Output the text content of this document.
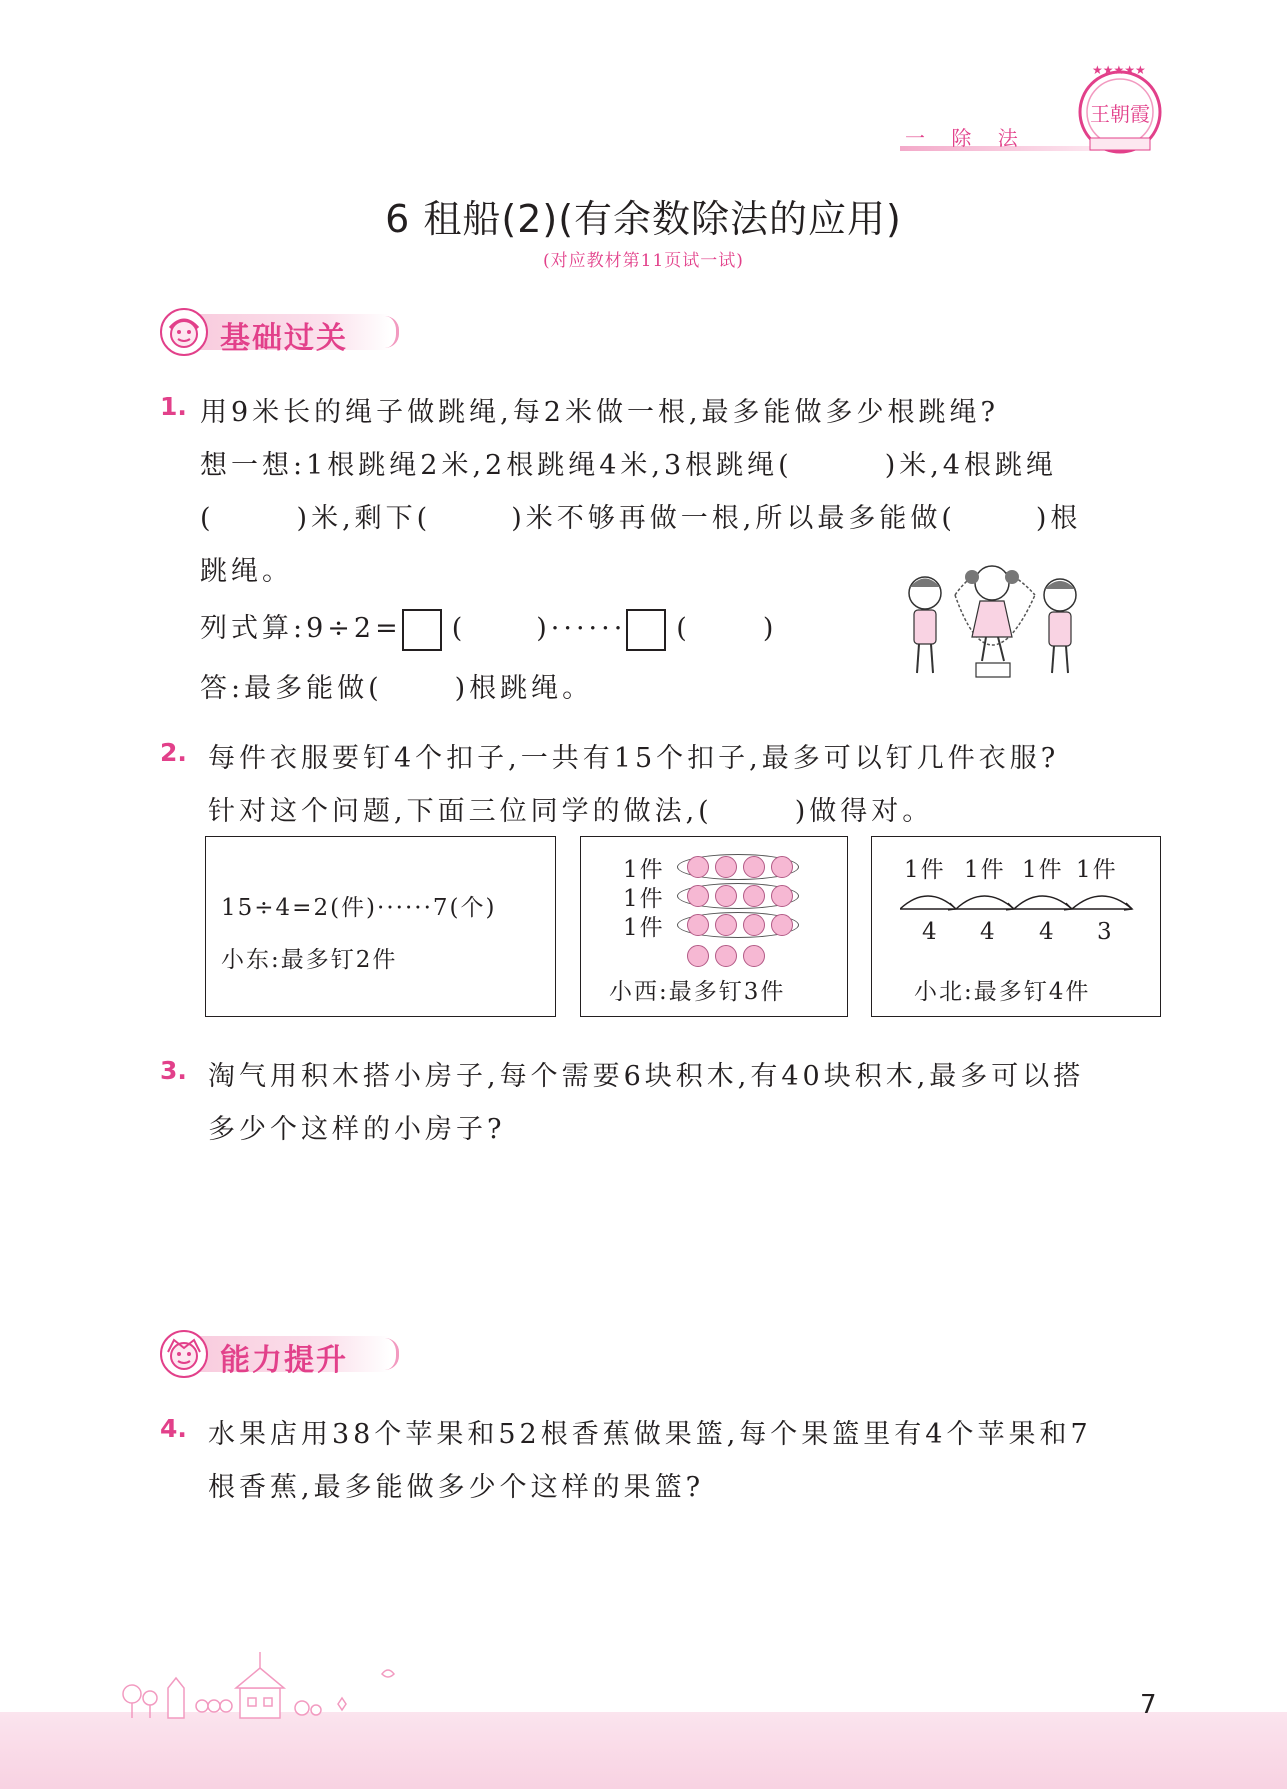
一 除 法
★★★★★
王朝霞
6 租船(2)(有余数除法的应用)
(对应教材第11页试一试)
基础过关
1. 用9米长的绳子做跳绳,每2米做一根,最多能做多少根跳绳?
想一想:1根跳绳2米,2根跳绳4米,3根跳绳(	)米,4根跳绳
(	)米,剩下(	)米不够再做一根,所以最多能做(	)根
跳绳。
列式算:9÷2= (	)······ (	)
答:最多能做(	)根跳绳。
2. 每件衣服要钉4个扣子,一共有15个扣子,最多可以钉几件衣服?
针对这个问题,下面三位同学的做法,(	)做得对。
15÷4=2(件)······7(个)
小东:最多钉2件
1件
1件
1件
小西:最多钉3件
1件 1件 1件 1件
4 4 4 3
小北:最多钉4件
3. 淘气用积木搭小房子,每个需要6块积木,有40块积木,最多可以搭
多少个这样的小房子?
能力提升
4. 水果店用38个苹果和52根香蕉做果篮,每个果篮里有4个苹果和7
根香蕉,最多能做多少个这样的果篮?
7
